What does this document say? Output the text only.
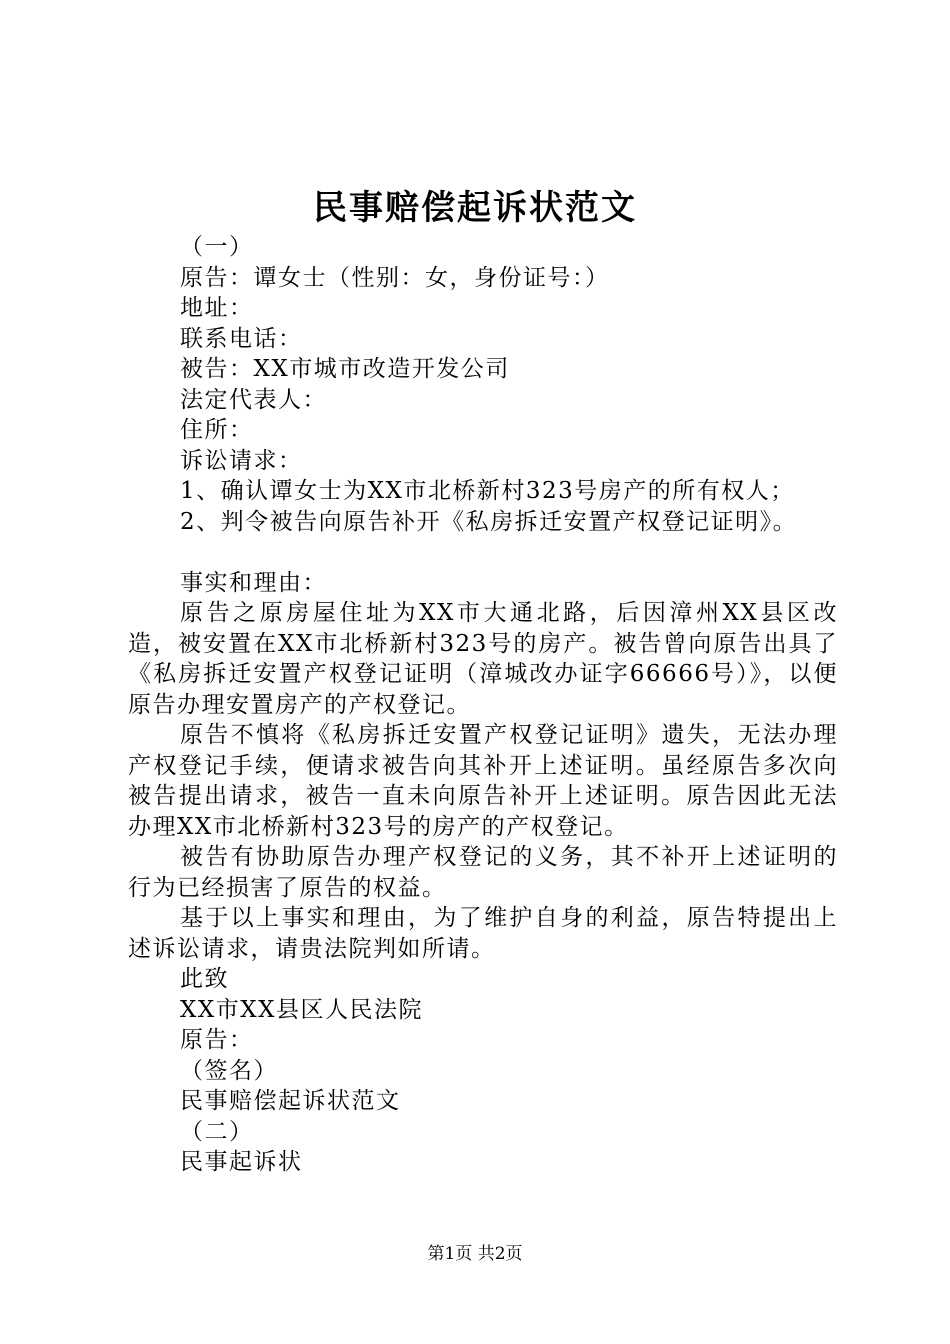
民事赔偿起诉状范文
（一）
原告：谭女士（性别：女，身份证号：）
地址：
联系电话：
被告：XX市城市改造开发公司
法定代表人：
住所：
诉讼请求：
1、确认谭女士为XX市北桥新村323号房产的所有权人；
2、判令被告向原告补开《私房拆迁安置产权登记证明》。
事实和理由：
原告之原房屋住址为XX市大通北路，后因漳州XX县区改造，被安置在XX市北桥新村323号的房产。被告曾向原告出具了《私房拆迁安置产权登记证明（漳城改办证字66666号）》，以便原告办理安置房产的产权登记。
原告不慎将《私房拆迁安置产权登记证明》遗失，无法办理产权登记手续，便请求被告向其补开上述证明。虽经原告多次向被告提出请求，被告一直未向原告补开上述证明。原告因此无法办理XX市北桥新村323号的房产的产权登记。
被告有协助原告办理产权登记的义务，其不补开上述证明的行为已经损害了原告的权益。
基于以上事实和理由，为了维护自身的利益，原告特提出上述诉讼请求，请贵法院判如所请。
此致
XX市XX县区人民法院
原告：
（签名）
民事赔偿起诉状范文
（二）
民事起诉状
第1页 共2页
